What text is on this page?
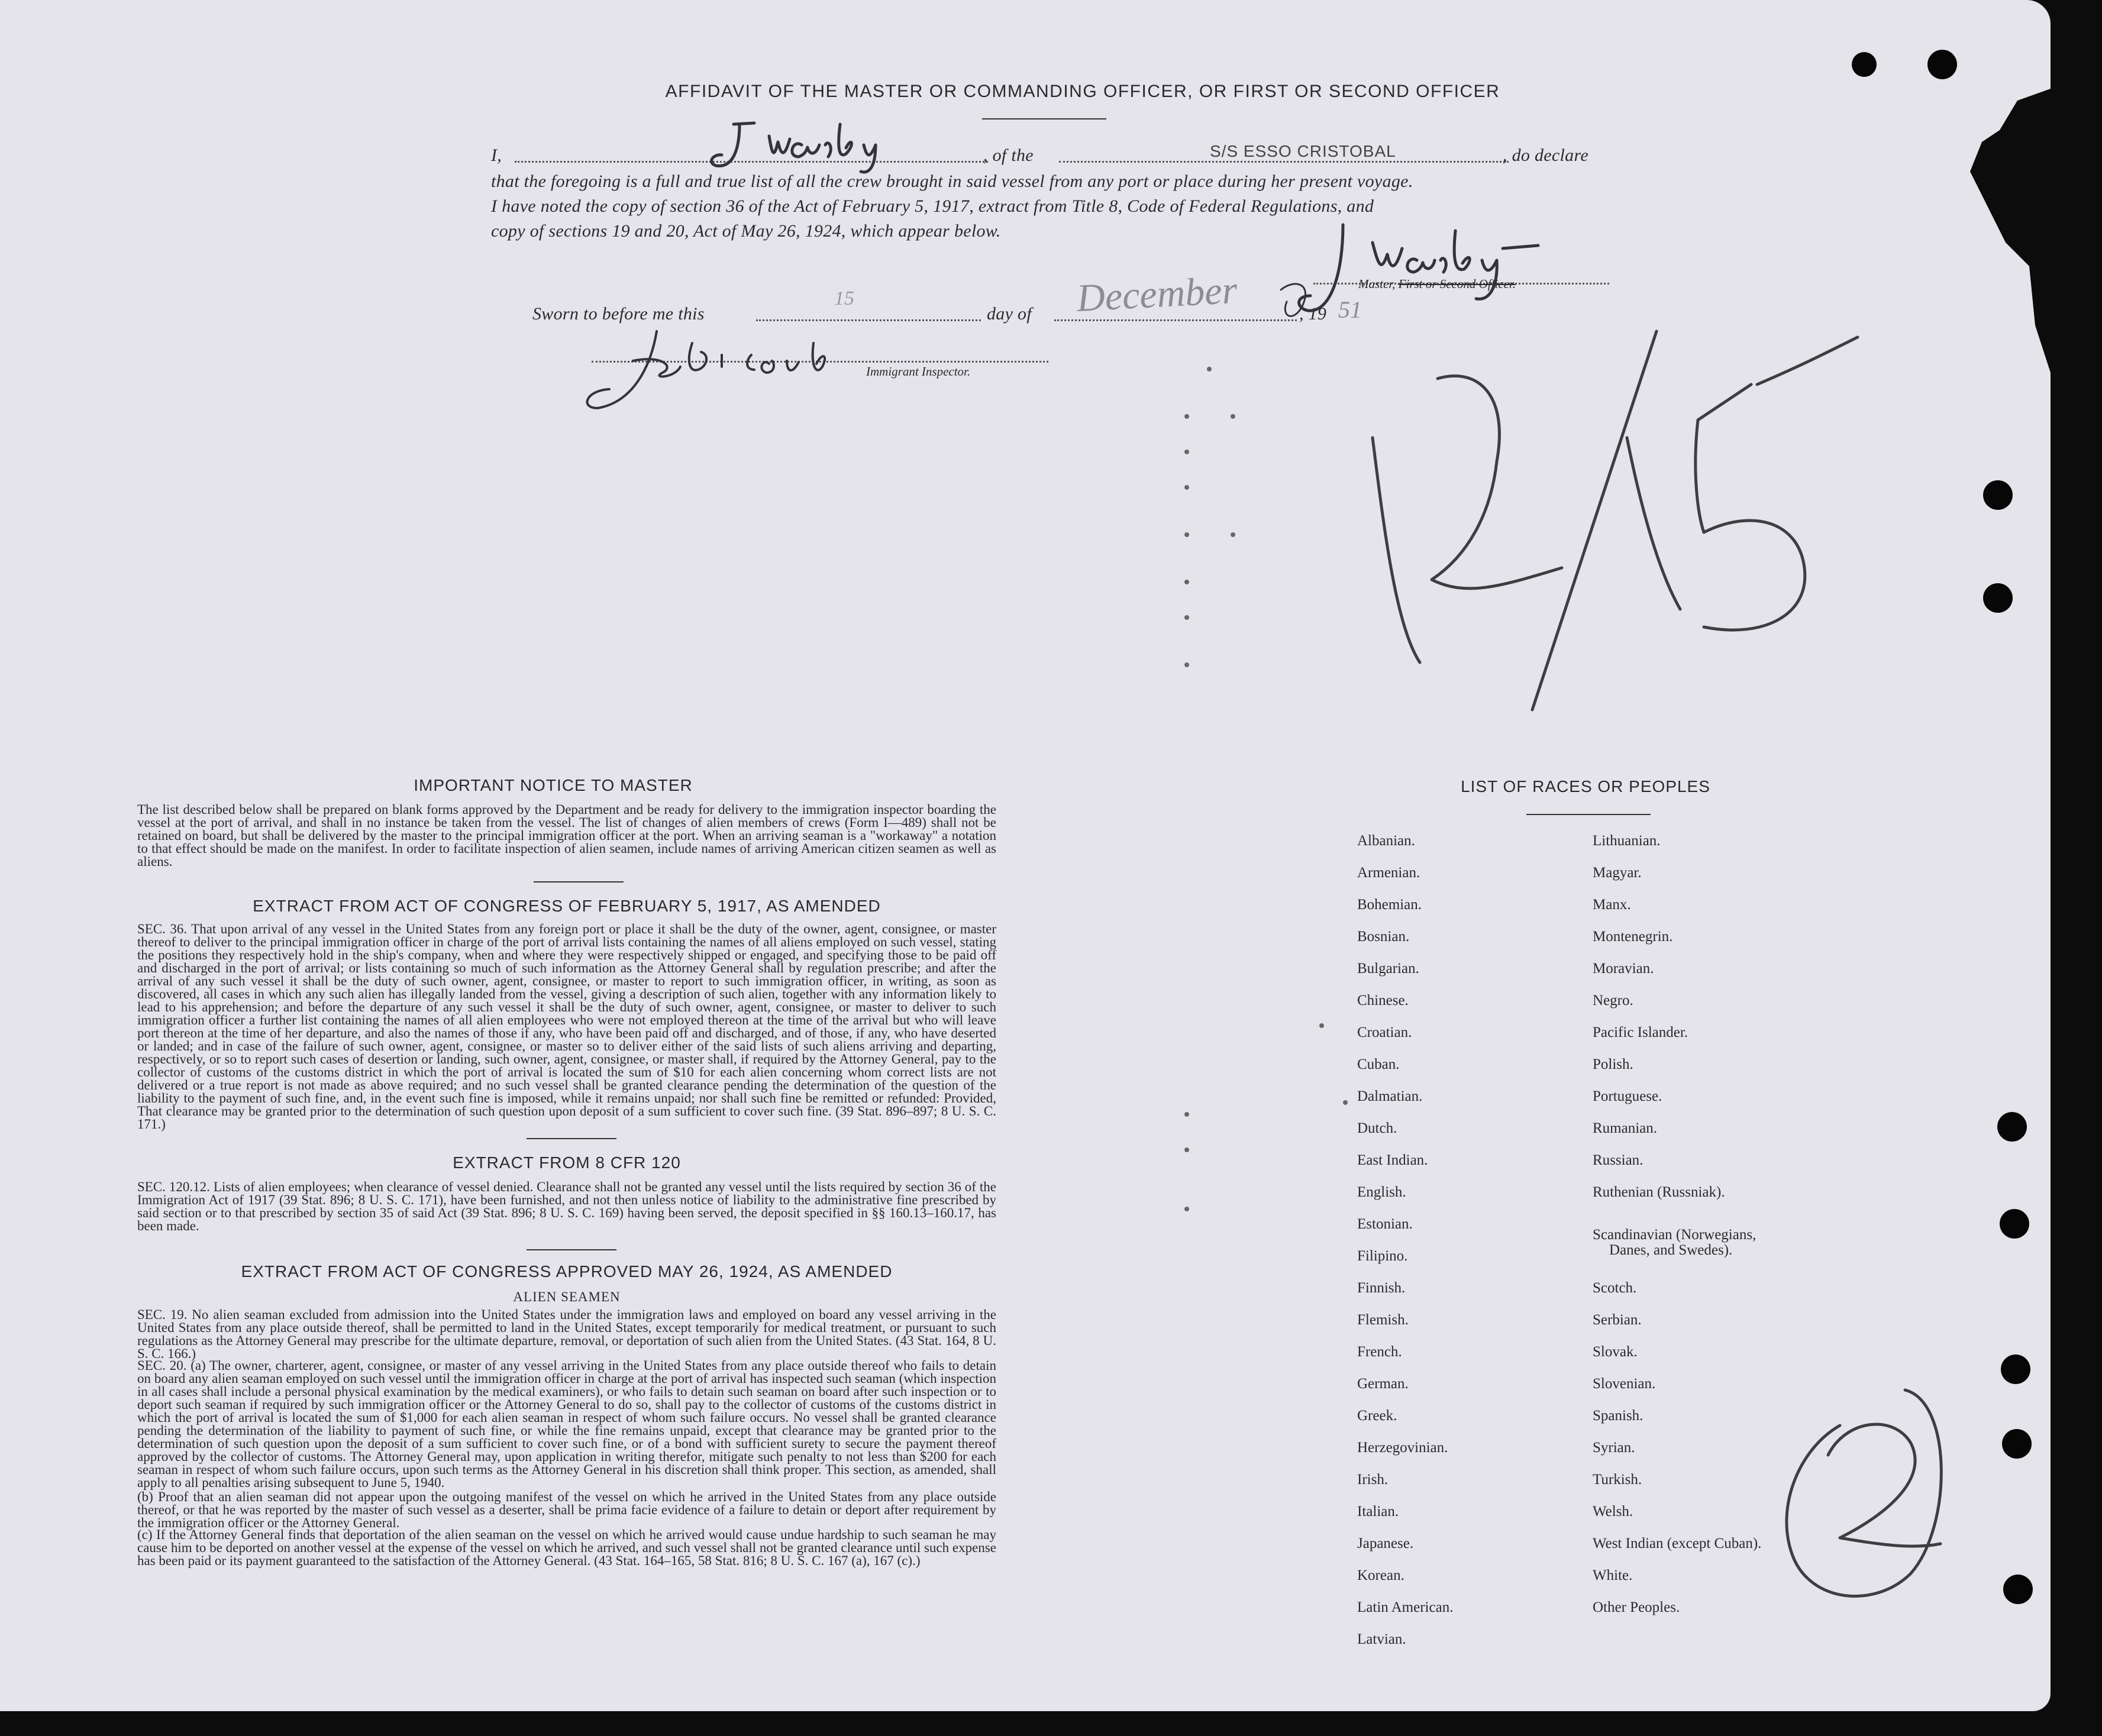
AFFIDAVIT OF THE MASTER OR COMMANDING OFFICER, OR FIRST OR SECOND OFFICER
I,	, of the	S/S ESSO CRISTOBAL	, do declare
that the foregoing is a full and true list of all the crew brought in said vessel from any port or place during her present voyage.
I have noted the copy of section 36 of the Act of February 5, 1917, extract from Title 8, Code of Federal Regulations, and
copy of sections 19 and 20, Act of May 26, 1924, which appear below.
Master, First or Second Officer.
Sworn to before me this
15
day of December	, 19 51
Immigrant Inspector.
IMPORTANT NOTICE TO MASTER
The list described below shall be prepared on blank forms approved by the Department and be ready for delivery to the immigration inspector boarding the vessel at the port of arrival, and shall in no instance be taken from the vessel. The list of changes of alien members of crews (Form I—489) shall not be retained on board, but shall be delivered by the master to the principal immigration officer at the port. When an arriving seaman is a "workaway" a notation to that effect should be made on the manifest. In order to facilitate inspection of alien seamen, include names of arriving American citizen seamen as well as aliens.
EXTRACT FROM ACT OF CONGRESS OF FEBRUARY 5, 1917, AS AMENDED
SEC. 36. That upon arrival of any vessel in the United States from any foreign port or place it shall be the duty of the owner, agent, consignee, or master thereof to deliver to the principal immigration officer in charge of the port of arrival lists containing the names of all aliens employed on such vessel, stating the positions they respectively hold in the ship's company, when and where they were respectively shipped or engaged, and specifying those to be paid off and discharged in the port of arrival; or lists containing so much of such information as the Attorney General shall by regulation prescribe; and after the arrival of any such vessel it shall be the duty of such owner, agent, consignee, or master to report to such immigration officer, in writing, as soon as discovered, all cases in which any such alien has illegally landed from the vessel, giving a description of such alien, together with any information likely to lead to his apprehension; and before the departure of any such vessel it shall be the duty of such owner, agent, consignee, or master to deliver to such immigration officer a further list containing the names of all alien employees who were not employed thereon at the time of the arrival but who will leave port thereon at the time of her departure, and also the names of those if any, who have been paid off and discharged, and of those, if any, who have deserted or landed; and in case of the failure of such owner, agent, consignee, or master so to deliver either of the said lists of such aliens arriving and departing, respectively, or so to report such cases of desertion or landing, such owner, agent, consignee, or master shall, if required by the Attorney General, pay to the collector of customs of the customs district in which the port of arrival is located the sum of $10 for each alien concerning whom correct lists are not delivered or a true report is not made as above required; and no such vessel shall be granted clearance pending the determination of the question of the liability to the payment of such fine, and, in the event such fine is imposed, while it remains unpaid; nor shall such fine be remitted or refunded: Provided, That clearance may be granted prior to the determination of such question upon deposit of a sum sufficient to cover such fine. (39 Stat. 896–897; 8 U. S. C. 171.)
EXTRACT FROM 8 CFR 120
SEC. 120.12. Lists of alien employees; when clearance of vessel denied. Clearance shall not be granted any vessel until the lists required by section 36 of the Immigration Act of 1917 (39 Stat. 896; 8 U. S. C. 171), have been furnished, and not then unless notice of liability to the administrative fine prescribed by said section or to that prescribed by section 35 of said Act (39 Stat. 896; 8 U. S. C. 169) having been served, the deposit specified in §§ 160.13–160.17, has been made.
EXTRACT FROM ACT OF CONGRESS APPROVED MAY 26, 1924, AS AMENDED
ALIEN SEAMEN
SEC. 19. No alien seaman excluded from admission into the United States under the immigration laws and employed on board any vessel arriving in the United States from any place outside thereof, shall be permitted to land in the United States, except temporarily for medical treatment, or pursuant to such regulations as the Attorney General may prescribe for the ultimate departure, removal, or deportation of such alien from the United States. (43 Stat. 164, 8 U. S. C. 166.)
SEC. 20. (a) The owner, charterer, agent, consignee, or master of any vessel arriving in the United States from any place outside thereof who fails to detain on board any alien seaman employed on such vessel until the immigration officer in charge at the port of arrival has inspected such seaman (which inspection in all cases shall include a personal physical examination by the medical examiners), or who fails to detain such seaman on board after such inspection or to deport such seaman if required by such immigration officer or the Attorney General to do so, shall pay to the collector of customs of the customs district in which the port of arrival is located the sum of $1,000 for each alien seaman in respect of whom such failure occurs. No vessel shall be granted clearance pending the determination of the liability to payment of such fine, or while the fine remains unpaid, except that clearance may be granted prior to the determination of such question upon the deposit of a sum sufficient to cover such fine, or of a bond with sufficient surety to secure the payment thereof approved by the collector of customs. The Attorney General may, upon application in writing therefor, mitigate such penalty to not less than $200 for each seaman in respect of whom such failure occurs, upon such terms as the Attorney General in his discretion shall think proper. This section, as amended, shall apply to all penalties arising subsequent to June 5, 1940.
(b) Proof that an alien seaman did not appear upon the outgoing manifest of the vessel on which he arrived in the United States from any place outside thereof, or that he was reported by the master of such vessel as a deserter, shall be prima facie evidence of a failure to detain or deport after requirement by the immigration officer or the Attorney General.
(c) If the Attorney General finds that deportation of the alien seaman on the vessel on which he arrived would cause undue hardship to such seaman he may cause him to be deported on another vessel at the expense of the vessel on which he arrived, and such vessel shall not be granted clearance until such expense has been paid or its payment guaranteed to the satisfaction of the Attorney General. (43 Stat. 164–165, 58 Stat. 816; 8 U. S. C. 167 (a), 167 (c).)
LIST OF RACES OR PEOPLES
Albanian.
Armenian.
Bohemian.
Bosnian.
Bulgarian.
Chinese.
Croatian.
Cuban.
Dalmatian.
Dutch.
East Indian.
English.
Estonian.
Filipino.
Finnish.
Flemish.
French.
German.
Greek.
Herzegovinian.
Irish.
Italian.
Japanese.
Korean.
Latin American.
Latvian.
Lithuanian.
Magyar.
Manx.
Montenegrin.
Moravian.
Negro.
Pacific Islander.
Polish.
Portuguese.
Rumanian.
Russian.
Ruthenian (Russniak).
Scandinavian (Norwegians,
Danes, and Swedes).
Scotch.
Serbian.
Slovak.
Slovenian.
Spanish.
Syrian.
Turkish.
Welsh.
West Indian (except Cuban).
White.
Other Peoples.
